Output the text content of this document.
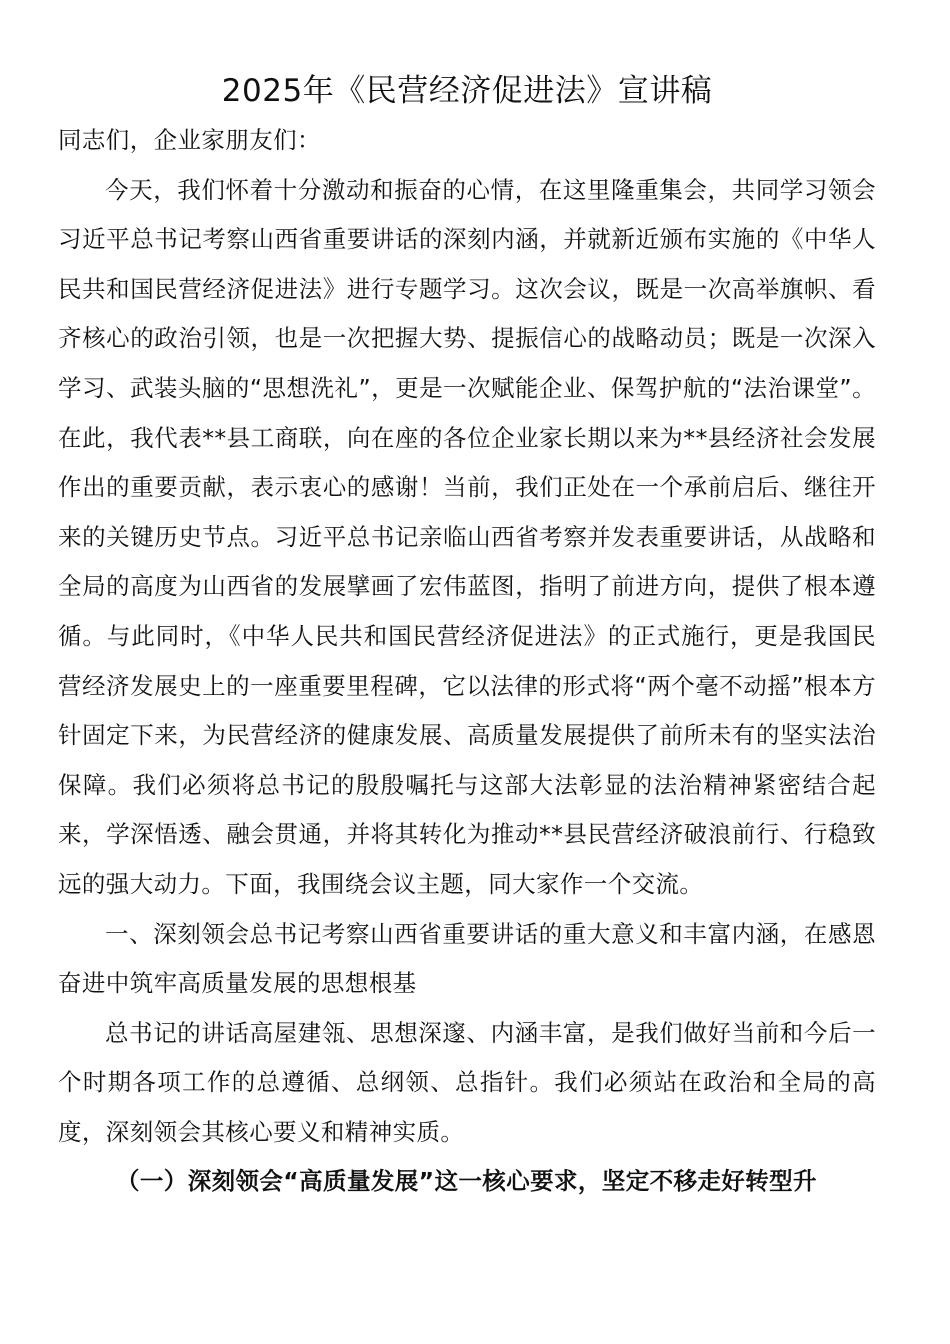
2025年《民营经济促进法》宣讲稿

同志们，企业家朋友们：

今天，我们怀着十分激动和振奋的心情，在这里隆重集会，共同学习领会习近平总书记考察山西省重要讲话的深刻内涵，并就新近颁布实施的《中华人民共和国民营经济促进法》进行专题学习。这次会议，既是一次高举旗帜、看齐核心的政治引领，也是一次把握大势、提振信心的战略动员；既是一次深入学习、武装头脑的“思想洗礼”，更是一次赋能企业、保驾护航的“法治课堂”。在此，我代表**县工商联，向在座的各位企业家长期以来为**县经济社会发展作出的重要贡献，表示衷心的感谢！当前，我们正处在一个承前启后、继往开来的关键历史节点。习近平总书记亲临山西省考察并发表重要讲话，从战略和全局的高度为山西省的发展擘画了宏伟蓝图，指明了前进方向，提供了根本遵循。与此同时，《中华人民共和国民营经济促进法》的正式施行，更是我国民营经济发展史上的一座重要里程碑，它以法律的形式将“两个毫不动摇”根本方针固定下来，为民营经济的健康发展、高质量发展提供了前所未有的坚实法治保障。我们必须将总书记的殷殷嘱托与这部大法彰显的法治精神紧密结合起来，学深悟透、融会贯通，并将其转化为推动**县民营经济破浪前行、行稳致远的强大动力。下面，我围绕会议主题，同大家作一个交流。

一、深刻领会总书记考察山西省重要讲话的重大意义和丰富内涵，在感恩奋进中筑牢高质量发展的思想根基

总书记的讲话高屋建瓴、思想深邃、内涵丰富，是我们做好当前和今后一个时期各项工作的总遵循、总纲领、总指针。我们必须站在政治和全局的高度，深刻领会其核心要义和精神实质。

（一）深刻领会“高质量发展”这一核心要求，坚定不移走好转型升
